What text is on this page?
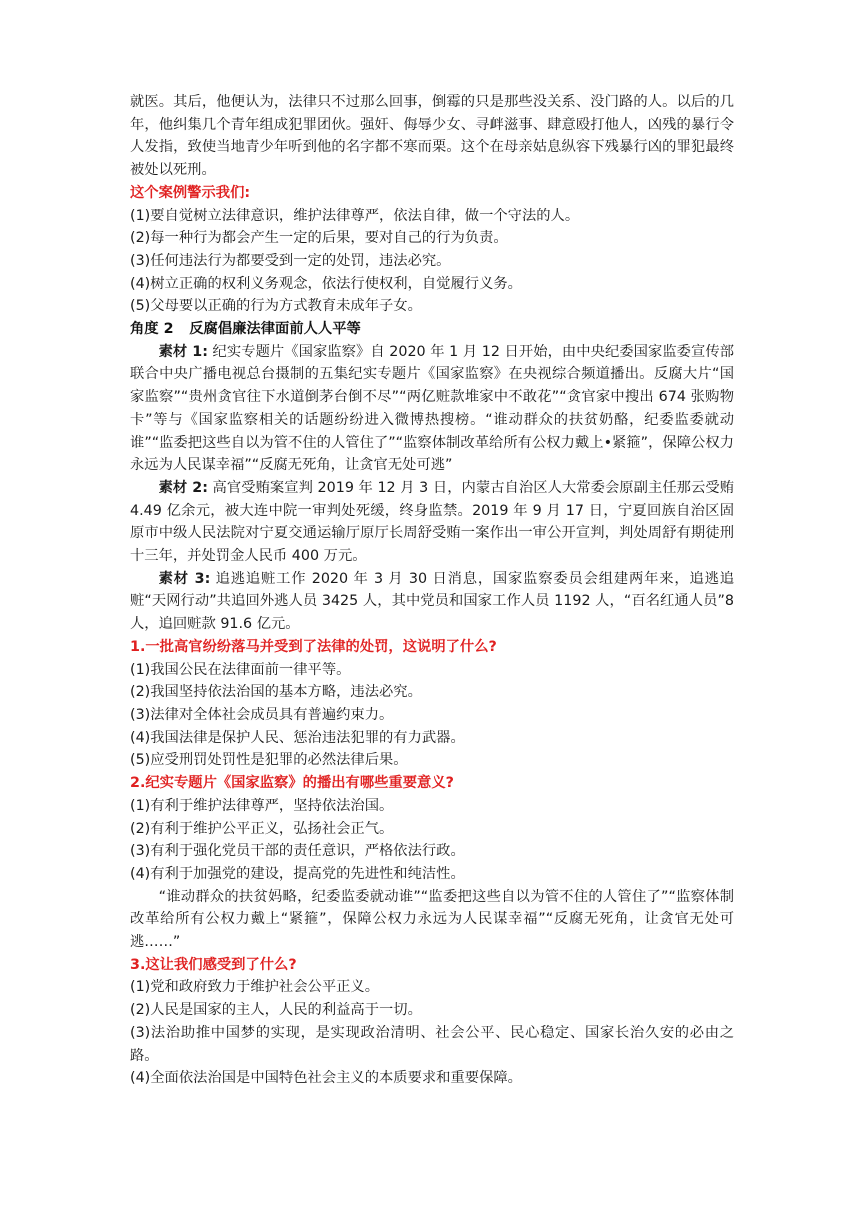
就医。其后，他便认为，法律只不过那么回事，倒霉的只是那些没关系、没门路的人。以后的几年，他纠集几个青年组成犯罪团伙。强奸、侮辱少女、寻衅滋事、肆意殴打他人，凶残的暴行令人发指，致使当地青少年听到他的名字都不寒而栗。这个在母亲姑息纵容下残暴行凶的罪犯最终被处以死刑。

这个案例警示我们:

(1)要自觉树立法律意识，维护法律尊严，依法自律，做一个守法的人。

(2)每一种行为都会产生一定的后果，要对自己的行为负责。

(3)任何违法行为都要受到一定的处罚，违法必究。

(4)树立正确的权利义务观念，依法行使权利，自觉履行义务。

(5)父母要以正确的行为方式教育未成年子女。

角度 2 反腐倡廉法律面前人人平等

素材 1: 纪实专题片《国家监察》自 2020 年 1 月 12 日开始，由中央纪委国家监委宣传部联合中央广播电视总台摄制的五集纪实专题片《国家监察》在央视综合频道播出。反腐大片“国家监察”“贵州贪官往下水道倒茅台倒不尽”“两亿赃款堆家中不敢花”“贪官家中搜出 674 张购物卡”等与《国家监察相关的话题纷纷进入微博热搜榜。“谁动群众的扶贫奶酪，纪委监委就动谁”“监委把这些自以为管不住的人管住了”“监察体制改革给所有公权力戴上•紧箍”，保障公权力永远为人民谋幸福”“反腐无死角，让贪官无处可逃”

素材 2: 高官受贿案宣判 2019 年 12 月 3 日，内蒙古自治区人大常委会原副主任那云受贿 4.49 亿余元，被大连中院一审判处死缓，终身监禁。2019 年 9 月 17 日，宁夏回族自治区固原市中级人民法院对宁夏交通运输厅原厅长周舒受贿一案作出一审公开宣判，判处周舒有期徒刑十三年，并处罚金人民币 400 万元。

素材 3: 追逃追赃工作 2020 年 3 月 30 日消息，国家监察委员会组建两年来，追逃追赃“天网行动”共追回外逃人员 3425 人，其中党员和国家工作人员 1192 人，“百名红通人员”8 人，追回赃款 91.6 亿元。

1.一批高官纷纷落马并受到了法律的处罚，这说明了什么?

(1)我国公民在法律面前一律平等。

(2)我国坚持依法治国的基本方略，违法必究。

(3)法律对全体社会成员具有普遍约束力。

(4)我国法律是保护人民、惩治违法犯罪的有力武器。

(5)应受刑罚处罚性是犯罪的必然法律后果。

2.纪实专题片《国家监察》的播出有哪些重要意义?

(1)有利于维护法律尊严，坚持依法治国。

(2)有利于维护公平正义，弘扬社会正气。

(3)有利于强化党员干部的责任意识，严格依法行政。

(4)有利于加强党的建设，提高党的先进性和纯洁性。

“谁动群众的扶贫妈略，纪委监委就动谁”“监委把这些自以为管不住的人管住了”“监察体制改革给所有公权力戴上“紧箍”，保障公权力永远为人民谋幸福”“反腐无死角，让贪官无处可逃……”

3.这让我们感受到了什么?

(1)党和政府致力于维护社会公平正义。

(2)人民是国家的主人，人民的利益高于一切。

(3)法治助推中国梦的实现，是实现政治清明、社会公平、民心稳定、国家长治久安的必由之路。

(4)全面依法治国是中国特色社会主义的本质要求和重要保障。
